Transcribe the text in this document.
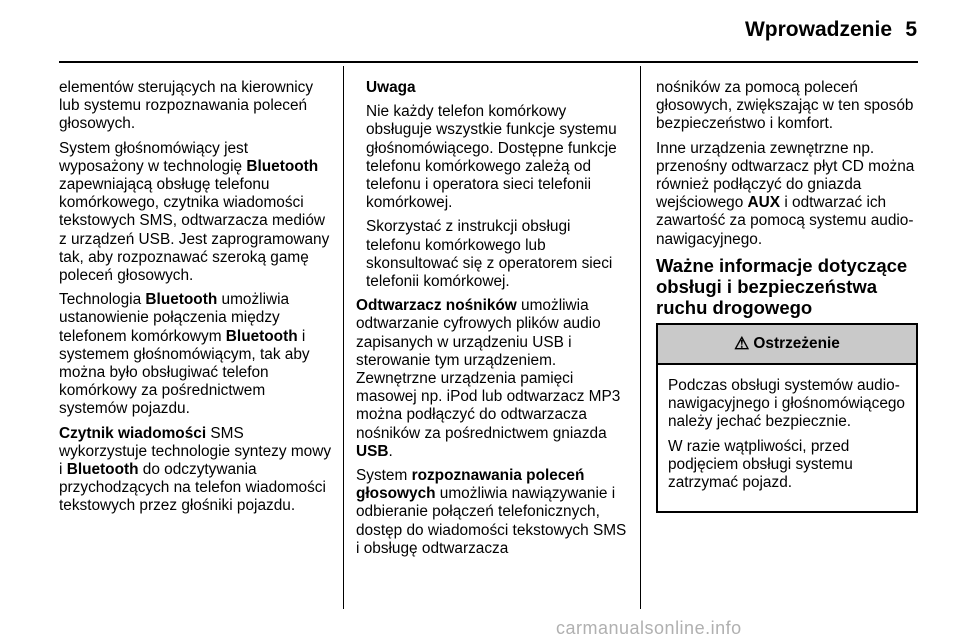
Wprowadzenie 5

elementów sterujących na kierownicy lub systemu rozpoznawania poleceń głosowych.

System głośnomówiący jest wyposażony w technologię Bluetooth zapewniającą obsługę telefonu komórkowego, czytnika wiadomości tekstowych SMS, odtwarzacza mediów z urządzeń USB. Jest zaprogramowany tak, aby rozpoznawać szeroką gamę poleceń głosowych.

Technologia Bluetooth umożliwia ustanowienie połączenia między telefonem komórkowym Bluetooth i systemem głośnomówiącym, tak aby można było obsługiwać telefon komórkowy za pośrednictwem systemów pojazdu.

Czytnik wiadomości SMS wykorzystuje technologie syntezy mowy i Bluetooth do odczytywania przychodzących na telefon wiadomości tekstowych przez głośniki pojazdu.

Uwaga

Nie każdy telefon komórkowy obsługuje wszystkie funkcje systemu głośnomówiącego. Dostępne funkcje telefonu komórkowego zależą od telefonu i operatora sieci telefonii komórkowej.

Skorzystać z instrukcji obsługi telefonu komórkowego lub skonsultować się z operatorem sieci telefonii komórkowej.

Odtwarzacz nośników umożliwia odtwarzanie cyfrowych plików audio zapisanych w urządzeniu USB i sterowanie tym urządzeniem. Zewnętrzne urządzenia pamięci masowej np. iPod lub odtwarzacz MP3 można podłączyć do odtwarzacza nośników za pośrednictwem gniazda USB.

System rozpoznawania poleceń głosowych umożliwia nawiązywanie i odbieranie połączeń telefonicznych, dostęp do wiadomości tekstowych SMS i obsługę odtwarzacza

nośników za pomocą poleceń głosowych, zwiększając w ten sposób bezpieczeństwo i komfort.

Inne urządzenia zewnętrzne np. przenośny odtwarzacz płyt CD można również podłączyć do gniazda wejściowego AUX i odtwarzać ich zawartość za pomocą systemu audio-nawigacyjnego.

Ważne informacje dotyczące obsługi i bezpieczeństwa ruchu drogowego

⚠ Ostrzeżenie

Podczas obsługi systemów audio-nawigacyjnego i głośnomówiącego należy jechać bezpiecznie.

W razie wątpliwości, przed podjęciem obsługi systemu zatrzymać pojazd.

carmanualsonline.info
